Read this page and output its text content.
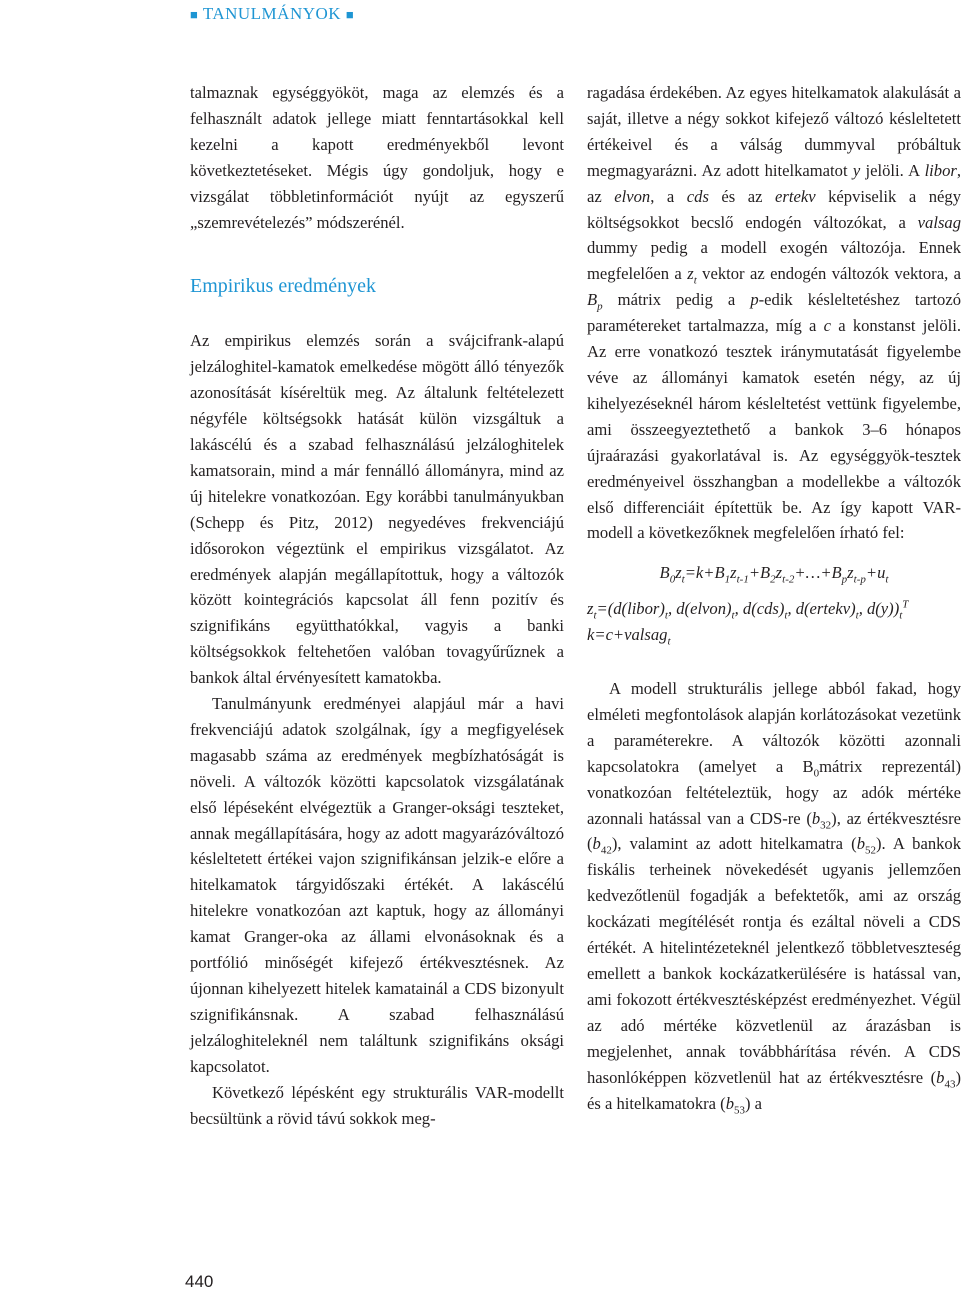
■ TANULMÁNYOK ■

talmaznak egységgyököt, maga az elemzés és a felhasznált adatok jellege miatt fenntartásokkal kell kezelni a kapott eredményekből levont következtetéseket. Mégis úgy gondoljuk, hogy e vizsgálat többletinformációt nyújt az egyszerű „szemrevételezés” módszerénél.

Empirikus eredmények

Az empirikus elemzés során a svájcifrank-alapú jelzáloghitel-kamatok emelkedése mögött álló tényezők azonosítását kíséreltük meg. Az általunk feltételezett négyféle költségsokk hatását külön vizsgáltuk a lakáscélú és a szabad felhasználású jelzáloghitelek kamatsorain, mind a már fennálló állományra, mind az új hitelekre vonatkozóan. Egy korábbi tanulmányukban (Schepp és Pitz, 2012) negyedéves frekvenciájú idősorokon végeztünk el empirikus vizsgálatot. Az eredmények alapján megállapítottuk, hogy a változók között kointegrációs kapcsolat áll fenn pozitív és szignifikáns együtthatókkal, vagyis a banki költségsokkok feltehetően valóban tovagyűrűznek a bankok által érvényesített kamatokba.

Tanulmányunk eredményei alapjául már a havi frekvenciájú adatok szolgálnak, így a megfigyelések magasabb száma az eredmények megbízhatóságát is növeli. A változók közötti kapcsolatok vizsgálatának első lépéseként elvégeztük a Granger-oksági teszteket, annak megállapítására, hogy az adott magyarázóváltozó késleltetett értékei vajon szignifikánsan jelzik-e előre a hitelkamatok tárgyidőszaki értékét. A lakáscélú hitelekre vonatkozóan azt kaptuk, hogy az állományi kamat Granger-oka az állami elvonásoknak és a portfólió minőségét kifejező értékvesztésnek. Az újonnan kihelyezett hitelek kamatainál a CDS bizonyult szignifikánsnak. A szabad felhasználású jelzáloghiteleknél nem találtunk szignifikáns oksági kapcsolatot.

Következő lépésként egy strukturális VAR-modellt becsültünk a rövid távú sokkok meg-

ragadása érdekében. Az egyes hitelkamatok alakulását a saját, illetve a négy sokkot kifejező változó késleltetett értékeivel és a válság dummyval próbáltuk megmagyarázni. Az adott hitelkamatot y jelöli. A libor, az elvon, a cds és az ertekv képviselik a négy költségsokkot becslő endogén változókat, a valsag dummy pedig a modell exogén változója. Ennek megfelelően a $z_t$ vektor az endogén változók vektora, a $B_p$ mátrix pedig a p-edik késleltetéshez tartozó paramétereket tartalmazza, míg a c a konstanst jelöli. Az erre vonatkozó tesztek iránymutatását figyelembe véve az állományi kamatok esetén négy, az új kihelyezéseknél három késleltetést vettünk figyelembe, ami összeegyeztethető a bankok 3–6 hónapos újraárazási gyakorlatával is. Az egységgyök-tesztek eredményeivel összhangban a modellekbe a változók első differenciáit építettük be. Az így kapott VAR-modell a következőknek megfelelően írható fel:

$B_0z_t=k+B_1z_{t-1}+B_2z_{t-2}+\dots+B_pz_{t-p}+u_t$

$z_t=(d(libor)_t$, $d(elvon)_t$, $d(cds)_t$, $d(ertekv)_t$, $d(y))_t^T$

k=c+valsag$_t$

A modell strukturális jellege abból fakad, hogy elméleti megfontolások alapján korlátozásokat vezetünk a paraméterekre. A változók közötti azonnali kapcsolatokra (amelyet a $B_0mátrix$ reprezentál) vonatkozóan feltételeztük, hogy az adók mértéke azonnali hatással van a CDS-re $(b_{32})$, az értékvesztésre $(b_{42})$, valamint az adott hitelkamatra $(b_{52})$. A bankok fiskális terheinek növekedését ugyanis jellemzően kedvezőtlenül fogadják a befektetők, ami az ország kockázati megítélését rontja és ezáltal növeli a CDS értékét. A hitelintézeteknél jelentkező többletveszteség emellett a bankok kockázatkerülésére is hatással van, ami fokozott értékvesztésképzést eredményezhet. Végül az adó mértéke közvetlenül az árazásban is megjelenhet, annak továbbhárítása révén. A CDS hasonlóképpen közvetlenül hat az értékvesztésre $(b_{43})$ és a hitelkamatokra $(b_{53})$ a

440
